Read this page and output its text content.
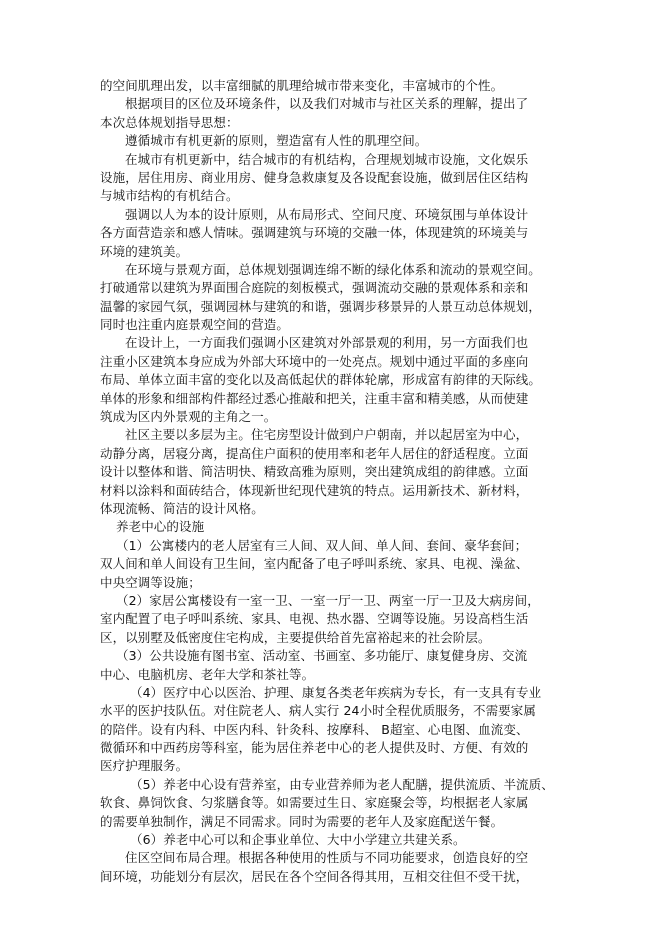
的空间肌理出发，以丰富细腻的肌理给城市带来变化，丰富城市的个性。
根据项目的区位及环境条件，以及我们对城市与社区关系的理解，提出了
本次总体规划指导思想：
遵循城市有机更新的原则，塑造富有人性的肌理空间。
在城市有机更新中，结合城市的有机结构，合理规划城市设施，文化娱乐
设施，居住用房、商业用房、健身急救康复及各设配套设施，做到居住区结构
与城市结构的有机结合。
强调以人为本的设计原则，从布局形式、空间尺度、环境氛围与单体设计
各方面营造亲和感人情味。强调建筑与环境的交融一体，体现建筑的环境美与
环境的建筑美。
在环境与景观方面，总体规划强调连绵不断的绿化体系和流动的景观空间。
打破通常以建筑为界面围合庭院的刻板模式，强调流动交融的景观体系和亲和
温馨的家园气氛，强调园林与建筑的和谐，强调步移景异的人景互动总体规划，
同时也注重内庭景观空间的营造。
在设计上，一方面我们强调小区建筑对外部景观的利用，另一方面我们也
注重小区建筑本身应成为外部大环境中的一处亮点。规划中通过平面的多座向
布局、单体立面丰富的变化以及高低起伏的群体轮廓，形成富有韵律的天际线。
单体的形象和细部构件都经过悉心推敲和把关，注重丰富和精美感，从而使建
筑成为区内外景观的主角之一。
社区主要以多层为主。住宅房型设计做到户户朝南，并以起居室为中心，
动静分离，居寝分离，提高住户面积的使用率和老年人居住的舒适程度。立面
设计以整体和谐、简洁明快、精致高雅为原则，突出建筑成组的韵律感。立面
材料以涂料和面砖结合，体现新世纪现代建筑的特点。运用新技术、新材料，
体现流畅、简洁的设计风格。
养老中心的设施
（1）公寓楼内的老人居室有三人间、双人间、单人间、套间、豪华套间；
双人间和单人间设有卫生间，室内配备了电子呼叫系统、家具、电视、澡盆、
中央空调等设施；
（2）家居公寓楼设有一室一卫、一室一厅一卫、两室一厅一卫及大病房间，
室内配置了电子呼叫系统、家具、电视、热水器、空调等设施。另设高档生活
区，以别墅及低密度住宅构成，主要提供给首先富裕起来的社会阶层。
（3）公共设施有图书室、活动室、书画室、多功能厅、康复健身房、交流
中心、电脑机房、老年大学和茶社等。
（4）医疗中心以医治、护理、康复各类老年疾病为专长，有一支具有专业
水平的医护技队伍。对住院老人、病人实行 24小时全程优质服务，不需要家属
的陪伴。设有内科、中医内科、针灸科、按摩科、 B超室、心电图、血流变、
微循环和中西药房等科室，能为居住养老中心的老人提供及时、方便、有效的
医疗护理服务。
（5）养老中心设有营养室，由专业营养师为老人配膳，提供流质、半流质、
软食、鼻饲饮食、匀浆膳食等。如需要过生日、家庭聚会等，均根据老人家属
的需要单独制作，满足不同需求。同时为需要的老年人及家庭配送午餐。
（6）养老中心可以和企事业单位、大中小学建立共建关系。
住区空间布局合理。根据各种使用的性质与不同功能要求，创造良好的空
间环境，功能划分有层次，居民在各个空间各得其用，互相交往但不受干扰，
